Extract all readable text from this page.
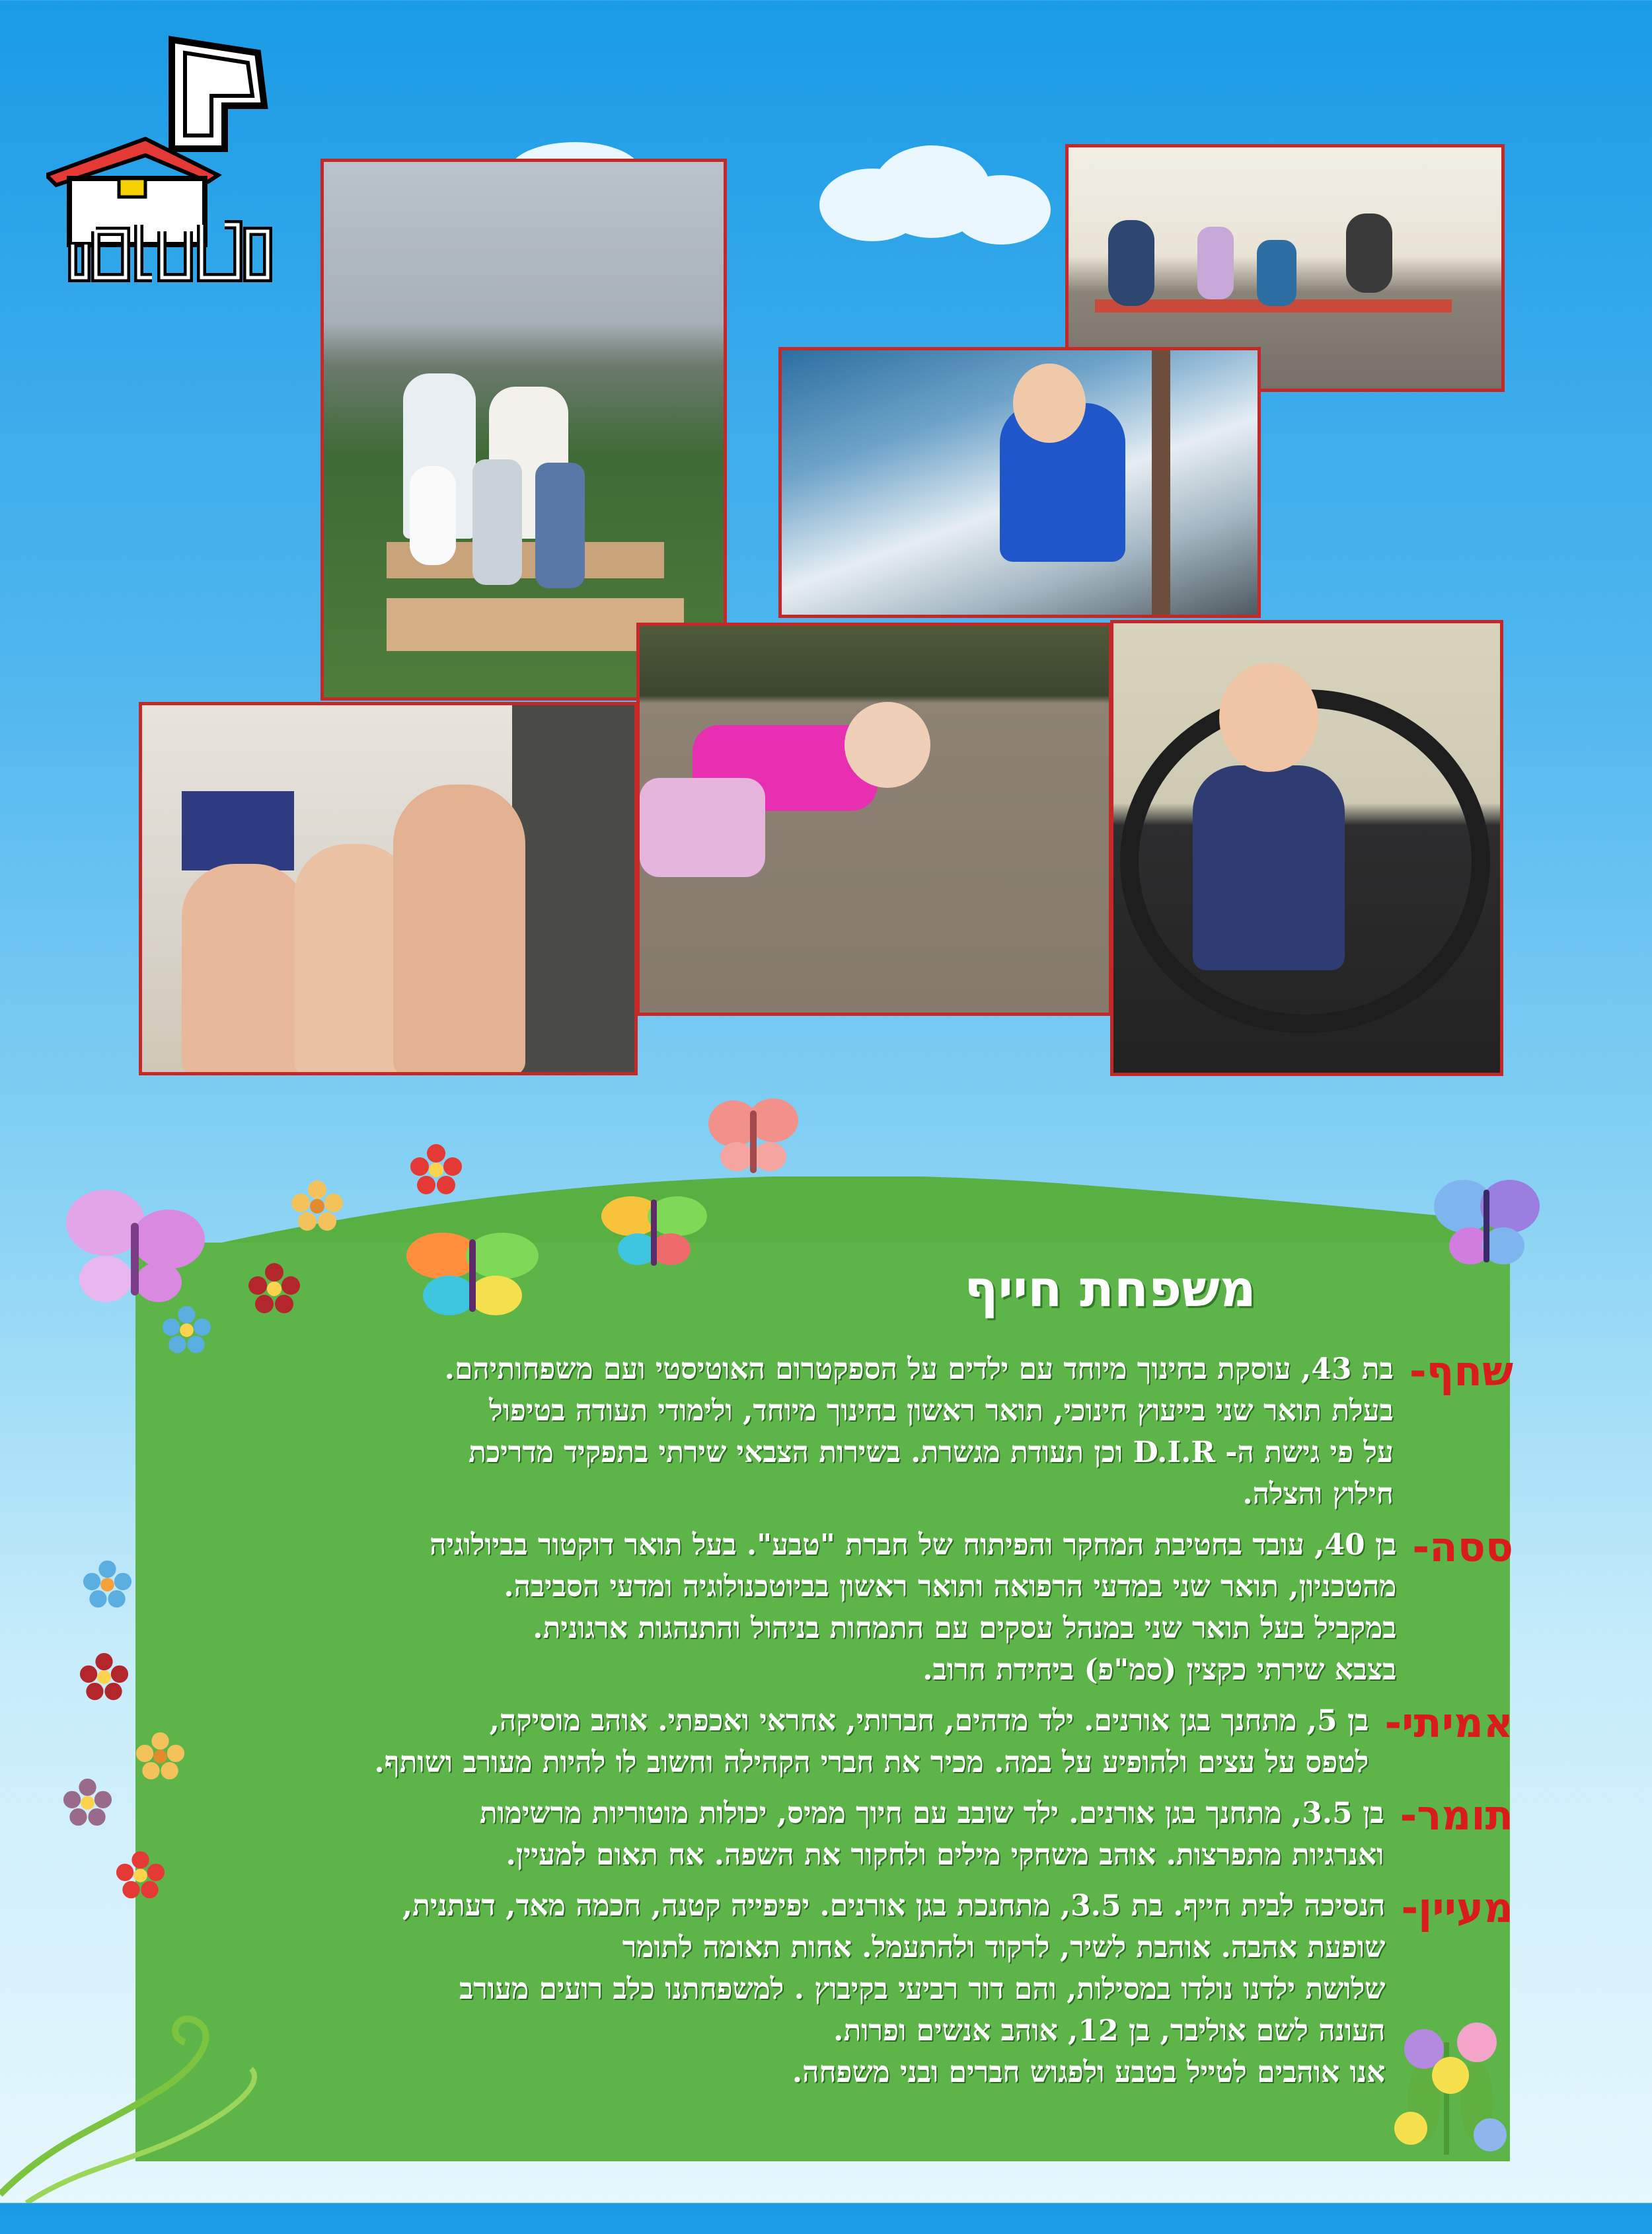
משפחת חייף
שחף-
בת 43, עוסקת בחינוך מיוחד עם ילדים על הספקטרום האוטיסטי ועם משפחותיהם.
בעלת תואר שני בייעוץ חינוכי, תואר ראשון בחינוך מיוחד, ולימודי תעודה בטיפול
על פי גישת ה- D.I.R וכן תעודת מגשרת. בשירות הצבאי שירתי בתפקיד מדריכת
חילוץ והצלה.
ססה-
בן 40, עובד בחטיבת המחקר והפיתוח של חברת "טבע". בעל תואר דוקטור בביולוגיה
מהטכניון, תואר שני במדעי הרפואה ותואר ראשון בביוטכנולוגיה ומדעי הסביבה.
במקביל בעל תואר שני במנהל עסקים עם התמחות בניהול והתנהגות ארגונית.
בצבא שירתי כקצין (סמ"פ) ביחידת חרוב.
אמיתי-
בן 5, מתחנך בגן אורנים. ילד מדהים, חברותי, אחראי ואכפתי. אוהב מוסיקה,
לטפס על עצים ולהופיע על במה. מכיר את חברי הקהילה וחשוב לו להיות מעורב ושותף.
תומר-
בן 3.5, מתחנך בגן אורנים. ילד שובב עם חיוך ממיס, יכולות מוטוריות מרשימות
ואנרגיות מתפרצות. אוהב משחקי מילים ולחקור את השפה. אח תאום למעיין.
מעיין-
הנסיכה לבית חייף. בת 3.5, מתחנכת בגן אורנים. יפיפייה קטנה, חכמה מאד, דעתנית,
שופעת אהבה. אוהבת לשיר, לרקוד ולהתעמל. אחות תאומה לתומר
שלושת ילדנו נולדו במסילות, והם דור רביעי בקיבוץ . למשפחתנו כלב רועים מעורב
העונה לשם אוליבר, בן 12, אוהב אנשים ופרות.
אנו אוהבים לטייל בטבע ולפגוש חברים ובני משפחה.
